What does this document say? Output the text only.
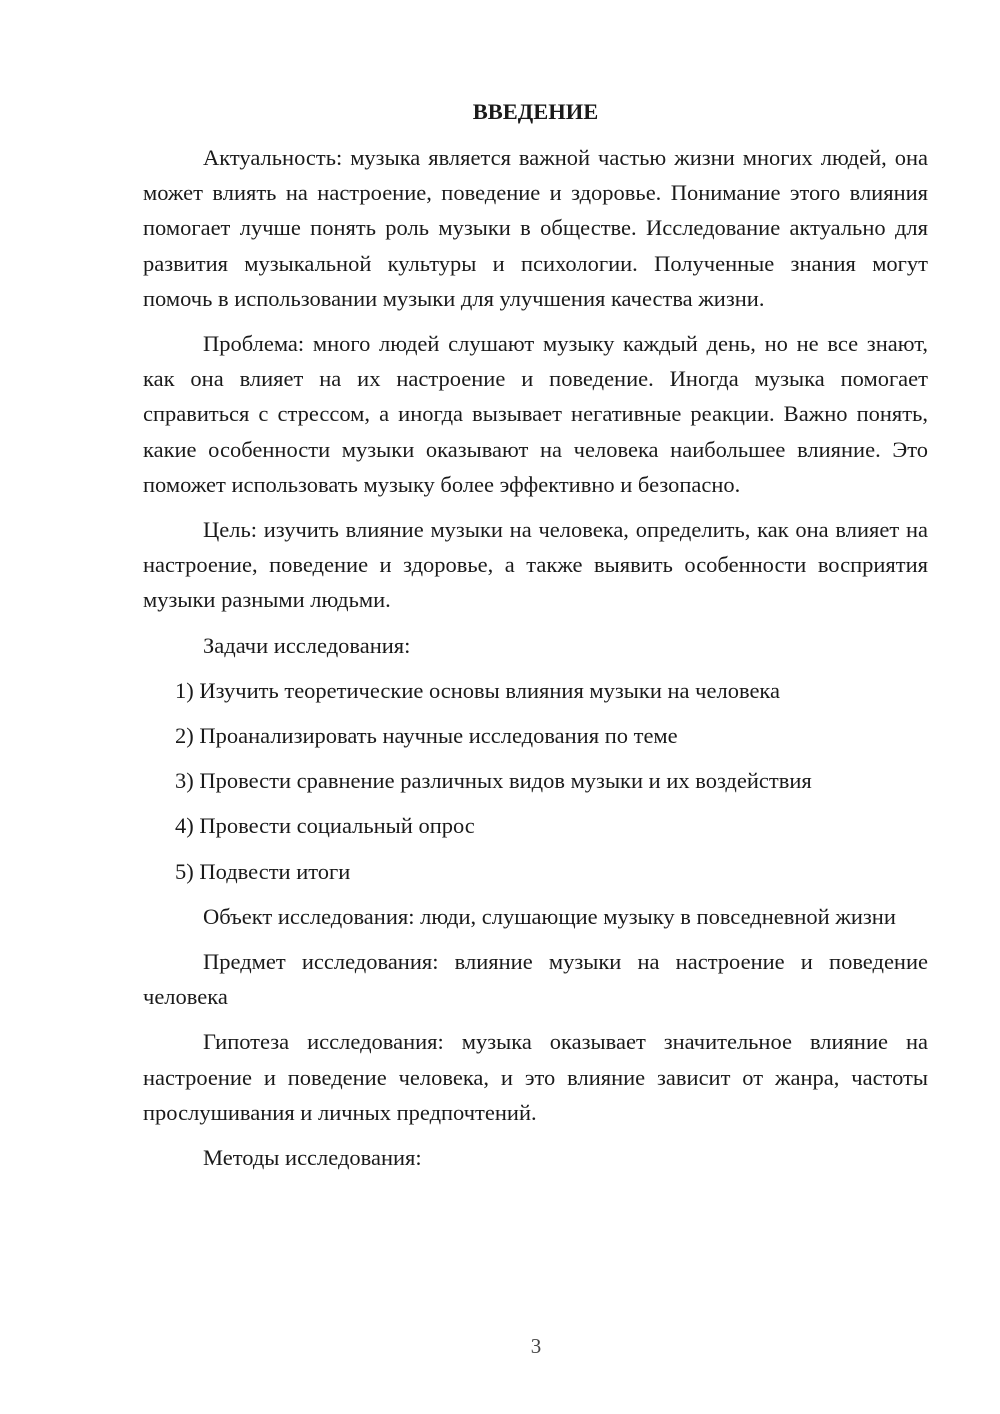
ВВЕДЕНИЕ

Актуальность: музыка является важной частью жизни многих людей, она может влиять на настроение, поведение и здоровье. Понимание этого влияния помогает лучше понять роль музыки в обществе. Исследование актуально для развития музыкальной культуры и психологии. Полученные знания могут помочь в использовании музыки для улучшения качества жизни.

Проблема: много людей слушают музыку каждый день, но не все знают, как она влияет на их настроение и поведение. Иногда музыка помогает справиться с стрессом, а иногда вызывает негативные реакции. Важно понять, какие особенности музыки оказывают на человека наибольшее влияние. Это поможет использовать музыку более эффективно и безопасно.

Цель: изучить влияние музыки на человека, определить, как она влияет на настроение, поведение и здоровье, а также выявить особенности восприятия музыки разными людьми.

Задачи исследования:

1) Изучить теоретические основы влияния музыки на человека
2) Проанализировать научные исследования по теме
3) Провести сравнение различных видов музыки и их воздействия
4) Провести социальный опрос
5) Подвести итоги

Объект исследования: люди, слушающие музыку в повседневной жизни

Предмет исследования: влияние музыки на настроение и поведение человека

Гипотеза исследования: музыка оказывает значительное влияние на настроение и поведение человека, и это влияние зависит от жанра, частоты прослушивания и личных предпочтений.

Методы исследования:

3
